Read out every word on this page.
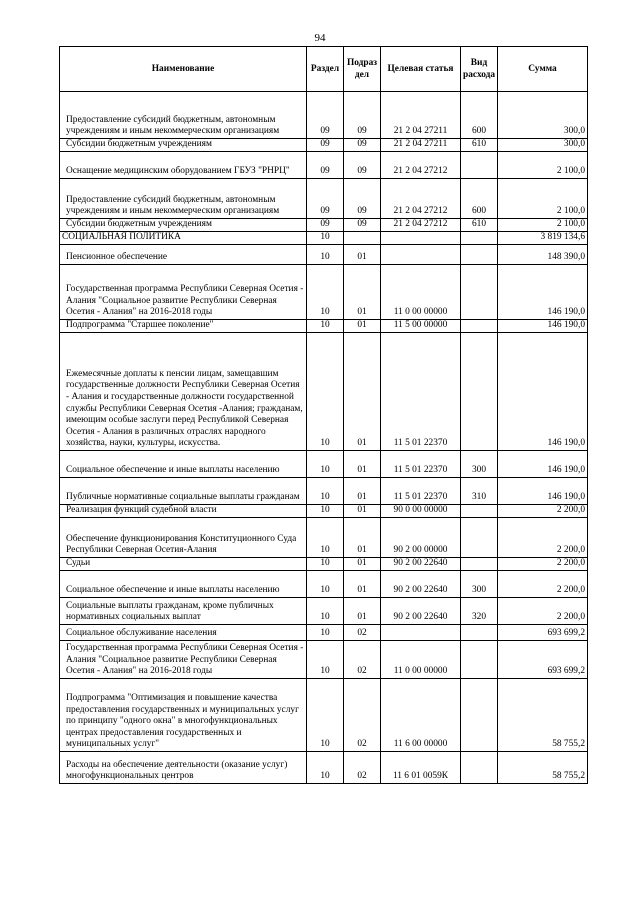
94
Наименование	Раздел	Подраз дел	Целевая статья	Вид расхода	Сумма
Предоставление субсидий бюджетным, автономным учреждениям и иным некоммерческим организациям	09	09	21 2 04 27211	600	300,0
Субсидии бюджетным учреждениям	09	09	21 2 04 27211	610	300,0
Оснащение медицинским оборудованием ГБУЗ "РНРЦ"	09	09	21 2 04 27212		2 100,0
Предоставление субсидий бюджетным, автономным учреждениям и иным некоммерческим организациям	09	09	21 2 04 27212	600	2 100,0
Субсидии бюджетным учреждениям	09	09	21 2 04 27212	610	2 100,0
СОЦИАЛЬНАЯ ПОЛИТИКА	10				3 819 134,6
Пенсионное обеспечение	10	01			148 390,0
Государственная программа Республики Северная Осетия - Алания "Социальное развитие Республики Северная Осетия - Алания" на 2016-2018 годы	10	01	11 0 00 00000		146 190,0
Подпрограмма "Старшее поколение"	10	01	11 5 00 00000		146 190,0
Ежемесячные доплаты к пенсии лицам, замещавшим государственные должности Республики Северная Осетия - Алания и государственные должности государственной службы Республики Северная Осетия -Алания; гражданам, имеющим особые заслуги перед Республикой Северная Осетия - Алания в различных отраслях народного хозяйства, науки, культуры, искусства.	10	01	11 5 01 22370		146 190,0
Социальное обеспечение и иные выплаты населению	10	01	11 5 01 22370	300	146 190,0
Публичные нормативные социальные выплаты гражданам	10	01	11 5 01 22370	310	146 190,0
Реализация функций судебной власти	10	01	90 0 00 00000		2 200,0
Обеспечение функционирования Конституционного Суда Республики Северная Осетия-Алания	10	01	90 2 00 00000		2 200,0
Судьи	10	01	90 2 00 22640		2 200,0
Социальное обеспечение и иные выплаты населению	10	01	90 2 00 22640	300	2 200,0
Социальные выплаты гражданам, кроме публичных нормативных социальных выплат	10	01	90 2 00 22640	320	2 200,0
Социальное обслуживание населения	10	02			693 699,2
Государственная программа Республики Северная Осетия - Алания "Социальное развитие Республики Северная Осетия - Алания" на 2016-2018 годы	10	02	11 0 00 00000		693 699,2
Подпрограмма "Оптимизация и повышение качества предоставления государственных и муниципальных услуг по принципу "одного окна" в многофункциональных центрах предоставления государственных и муниципальных услуг"	10	02	11 6 00 00000		58 755,2
Расходы на обеспечение деятельности (оказание услуг) многофункциональных центров	10	02	11 6 01 0059К		58 755,2
